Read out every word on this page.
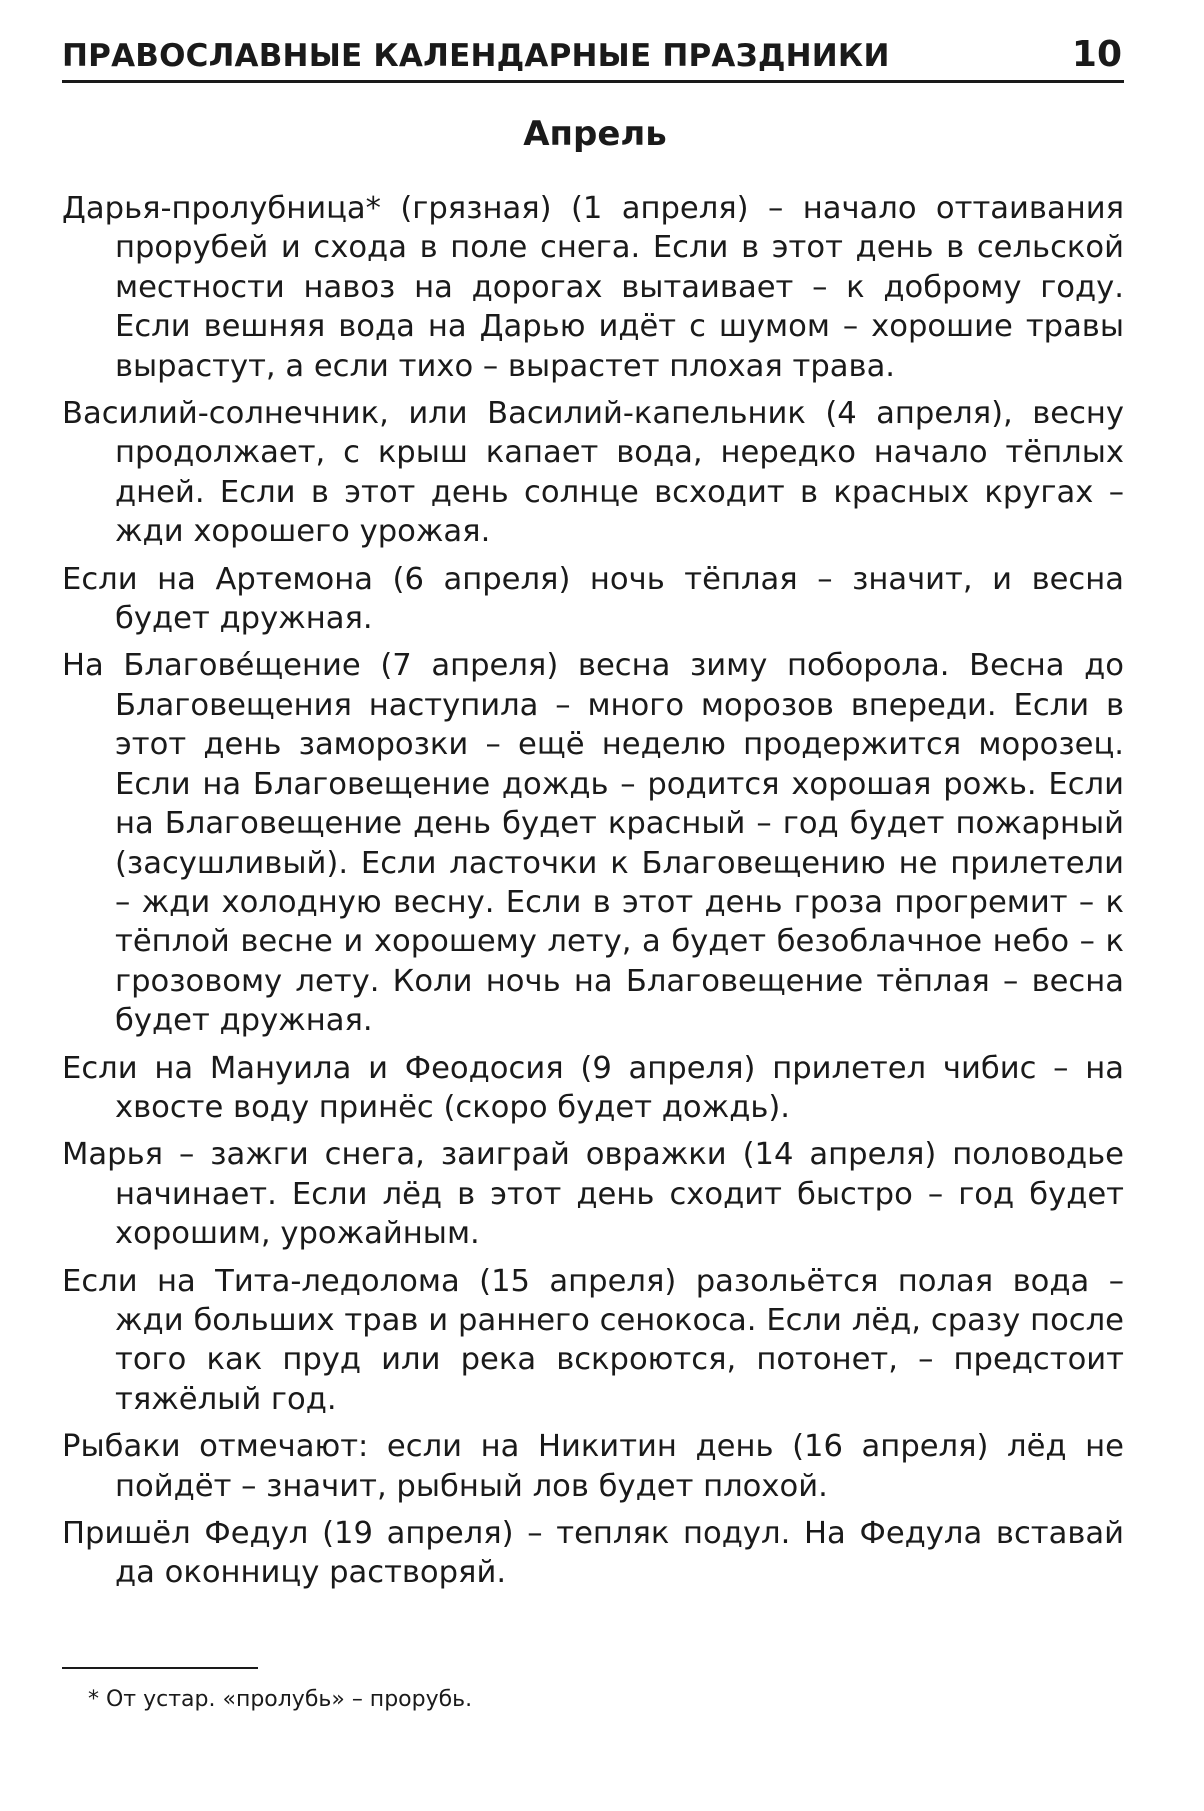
ПРАВОСЛАВНЫЕ КАЛЕНДАРНЫЕ ПРАЗДНИКИ	10
Апрель

Дарья-пролубница* (грязная) (1 апреля) – начало оттаивания прорубей и схода в поле снега. Если в этот день в сельской местности навоз на дорогах вытаивает – к доброму году. Если вешняя вода на Дарью идёт с шумом – хорошие травы вырастут, а если тихо – вырастет плохая трава.

Василий-солнечник, или Василий-капельник (4 апреля), весну продолжает, с крыш капает вода, нередко начало тёплых дней. Если в этот день солнце всходит в красных кругах – жди хорошего урожая.

Если на Артемона (6 апреля) ночь тёплая – значит, и весна будет дружная.

На Благове́щение (7 апреля) весна зиму поборола. Весна до Благовещения наступила – много морозов впереди. Если в этот день заморозки – ещё неделю продержится морозец. Если на Благовещение дождь – родится хорошая рожь. Если на Благовещение день будет красный – год будет пожарный (засушливый). Если ласточки к Благовещению не прилетели – жди холодную весну. Если в этот день гроза прогремит – к тёплой весне и хорошему лету, а будет безоблачное небо – к грозовому лету. Коли ночь на Благовещение тёплая – весна будет дружная.

Если на Мануила и Феодосия (9 апреля) прилетел чибис – на хвосте воду принёс (скоро будет дождь).

Марья – зажги снега, заиграй овражки (14 апреля) половодье начинает. Если лёд в этот день сходит быстро – год будет хорошим, урожайным.

Если на Тита-ледолома (15 апреля) разольётся полая вода – жди больших трав и раннего сенокоса. Если лёд, сразу после того как пруд или река вскроются, потонет, – предстоит тяжёлый год.

Рыбаки отмечают: если на Никитин день (16 апреля) лёд не пойдёт – значит, рыбный лов будет плохой.

Пришёл Федул (19 апреля) – тепляк подул. На Федула вставай да оконницу растворяй.

* От устар. «пролубь» – прорубь.
